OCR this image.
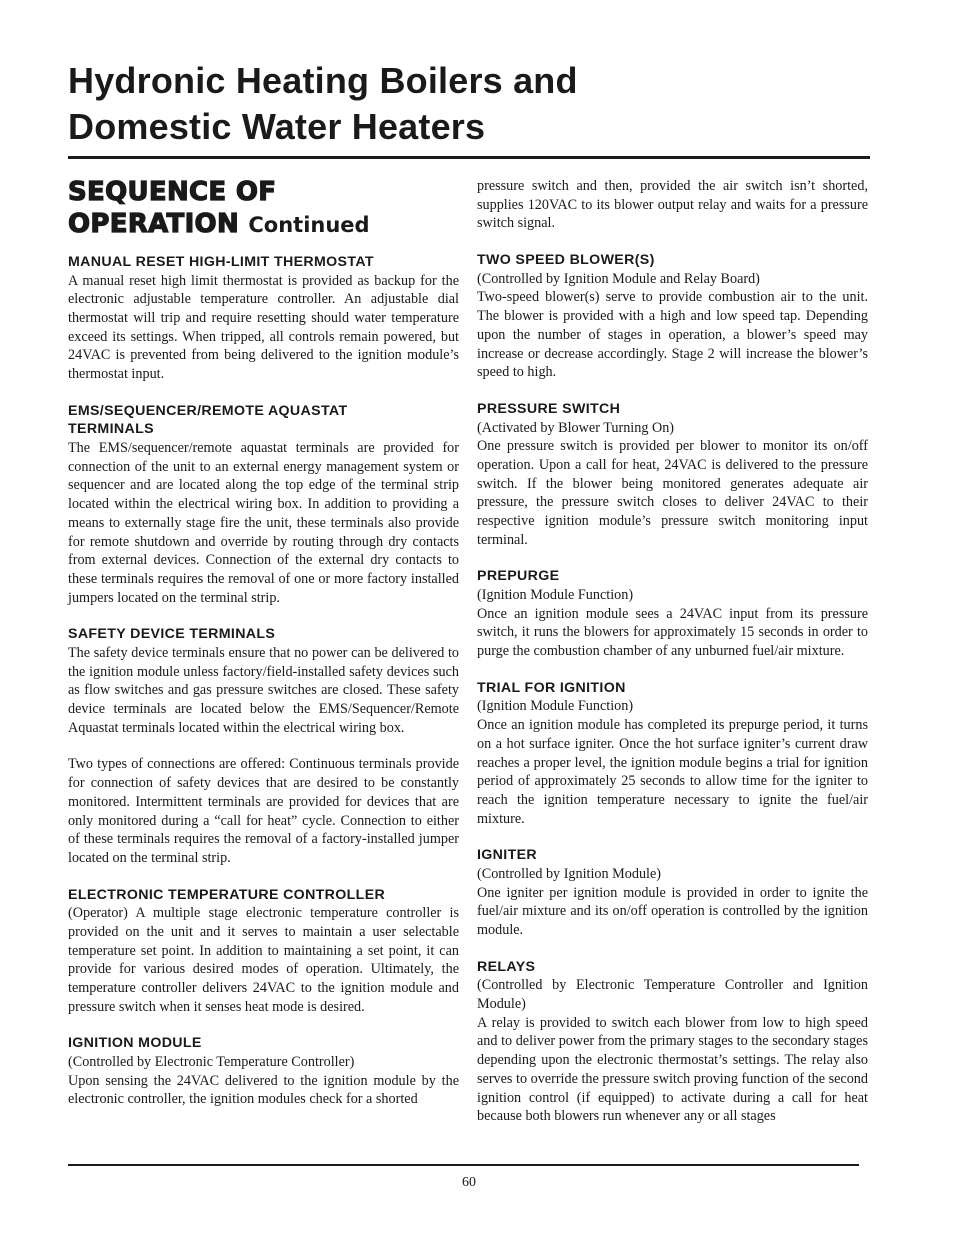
Hydronic Heating Boilers and
Domestic Water Heaters
SEQUENCE OF
OPERATION Continued
MANUAL RESET HIGH-LIMIT THERMOSTAT

A manual reset high limit thermostat is provided as backup for the electronic adjustable temperature controller. An adjustable dial thermostat will trip and require resetting should water temperature exceed its settings. When tripped, all controls remain powered, but 24VAC is prevented from being delivered to the ignition module’s thermostat input.

EMS/SEQUENCER/REMOTE AQUASTAT
TERMINALS

The EMS/sequencer/remote aquastat terminals are provided for connection of the unit to an external energy management system or sequencer and are located along the top edge of the terminal strip located within the electrical wiring box. In addition to providing a means to externally stage fire the unit, these terminals also provide for remote shutdown and override by routing through dry contacts from external devices. Connection of the external dry contacts to these terminals requires the removal of one or more factory installed jumpers located on the terminal strip.

SAFETY DEVICE TERMINALS

The safety device terminals ensure that no power can be delivered to the ignition module unless factory/field-installed safety devices such as flow switches and gas pressure switches are closed. These safety device terminals are located below the EMS/Sequencer/Remote Aquastat terminals located within the electrical wiring box.

Two types of connections are offered: Continuous terminals provide for connection of safety devices that are desired to be constantly monitored. Intermittent terminals are provided for devices that are only monitored during a “call for heat” cycle. Connection to either of these terminals requires the removal of a factory-installed jumper located on the terminal strip.

ELECTRONIC TEMPERATURE CONTROLLER

(Operator) A multiple stage electronic temperature controller is provided on the unit and it serves to maintain a user selectable temperature set point. In addition to maintaining a set point, it can provide for various desired modes of operation. Ultimately, the temperature controller delivers 24VAC to the ignition module and pressure switch when it senses heat mode is desired.

IGNITION MODULE

(Controlled by Electronic Temperature Controller)

Upon sensing the 24VAC delivered to the ignition module by the electronic controller, the ignition modules check for a shorted

pressure switch and then, provided the air switch isn’t shorted, supplies 120VAC to its blower output relay and waits for a pressure switch signal.

TWO SPEED BLOWER(S)

(Controlled by Ignition Module and Relay Board)

Two-speed blower(s) serve to provide combustion air to the unit. The blower is provided with a high and low speed tap. Depending upon the number of stages in operation, a blower’s speed may increase or decrease accordingly. Stage 2 will increase the blower’s speed to high.

PRESSURE SWITCH

(Activated by Blower Turning On)

One pressure switch is provided per blower to monitor its on/off operation. Upon a call for heat, 24VAC is delivered to the pressure switch. If the blower being monitored generates adequate air pressure, the pressure switch closes to deliver 24VAC to their respective ignition module’s pressure switch monitoring input terminal.

PREPURGE

(Ignition Module Function)

Once an ignition module sees a 24VAC input from its pressure switch, it runs the blowers for approximately 15 seconds in order to purge the combustion chamber of any unburned fuel/air mixture.

TRIAL FOR IGNITION

(Ignition Module Function)

Once an ignition module has completed its prepurge period, it turns on a hot surface igniter. Once the hot surface igniter’s current draw reaches a proper level, the ignition module begins a trial for ignition period of approximately 25 seconds to allow time for the igniter to reach the ignition temperature necessary to ignite the fuel/air mixture.

IGNITER

(Controlled by Ignition Module)

One igniter per ignition module is provided in order to ignite the fuel/air mixture and its on/off operation is controlled by the ignition module.

RELAYS

(Controlled by Electronic Temperature Controller and Ignition Module)

A relay is provided to switch each blower from low to high speed and to deliver power from the primary stages to the secondary stages depending upon the electronic thermostat’s settings. The relay also serves to override the pressure switch proving function of the second ignition control (if equipped) to activate during a call for heat because both blowers run whenever any or all stages

60
